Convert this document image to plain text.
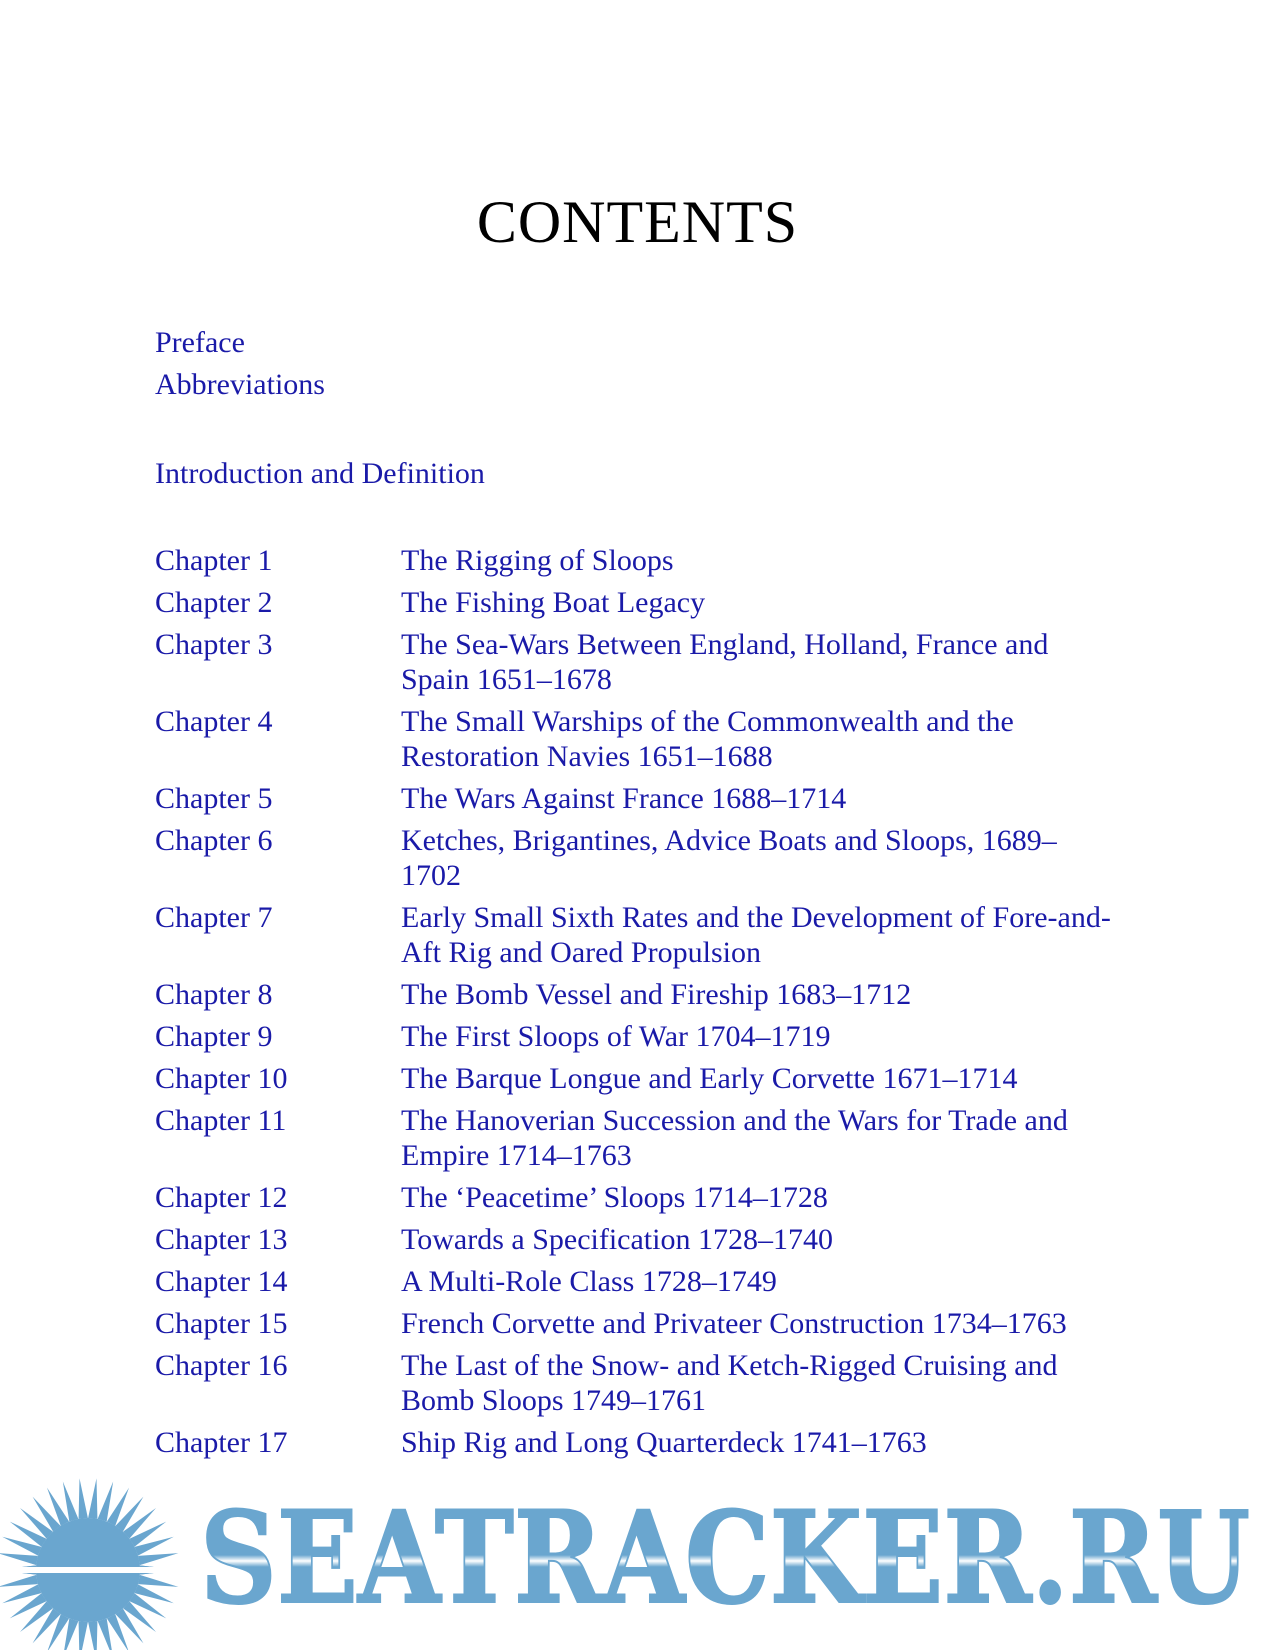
CONTENTS
Preface
Abbreviations
Introduction and Definition
Chapter 1	The Rigging of Sloops
Chapter 2	The Fishing Boat Legacy
Chapter 3	The Sea-Wars Between England, Holland, France and Spain 1651–1678
Chapter 4	The Small Warships of the Commonwealth and the Restoration Navies 1651–1688
Chapter 5	The Wars Against France 1688–1714
Chapter 6	Ketches, Brigantines, Advice Boats and Sloops, 1689–1702
Chapter 7	Early Small Sixth Rates and the Development of Fore-and-Aft Rig and Oared Propulsion
Chapter 8	The Bomb Vessel and Fireship 1683–1712
Chapter 9	The First Sloops of War 1704–1719
Chapter 10	The Barque Longue and Early Corvette 1671–1714
Chapter 11	The Hanoverian Succession and the Wars for Trade and Empire 1714–1763
Chapter 12	The ‘Peacetime’ Sloops 1714–1728
Chapter 13	Towards a Specification 1728–1740
Chapter 14	A Multi-Role Class 1728–1749
Chapter 15	French Corvette and Privateer Construction 1734–1763
Chapter 16	The Last of the Snow- and Ketch-Rigged Cruising and Bomb Sloops 1749–1761
Chapter 17	Ship Rig and Long Quarterdeck 1741–1763
SEATRACKER.RU
